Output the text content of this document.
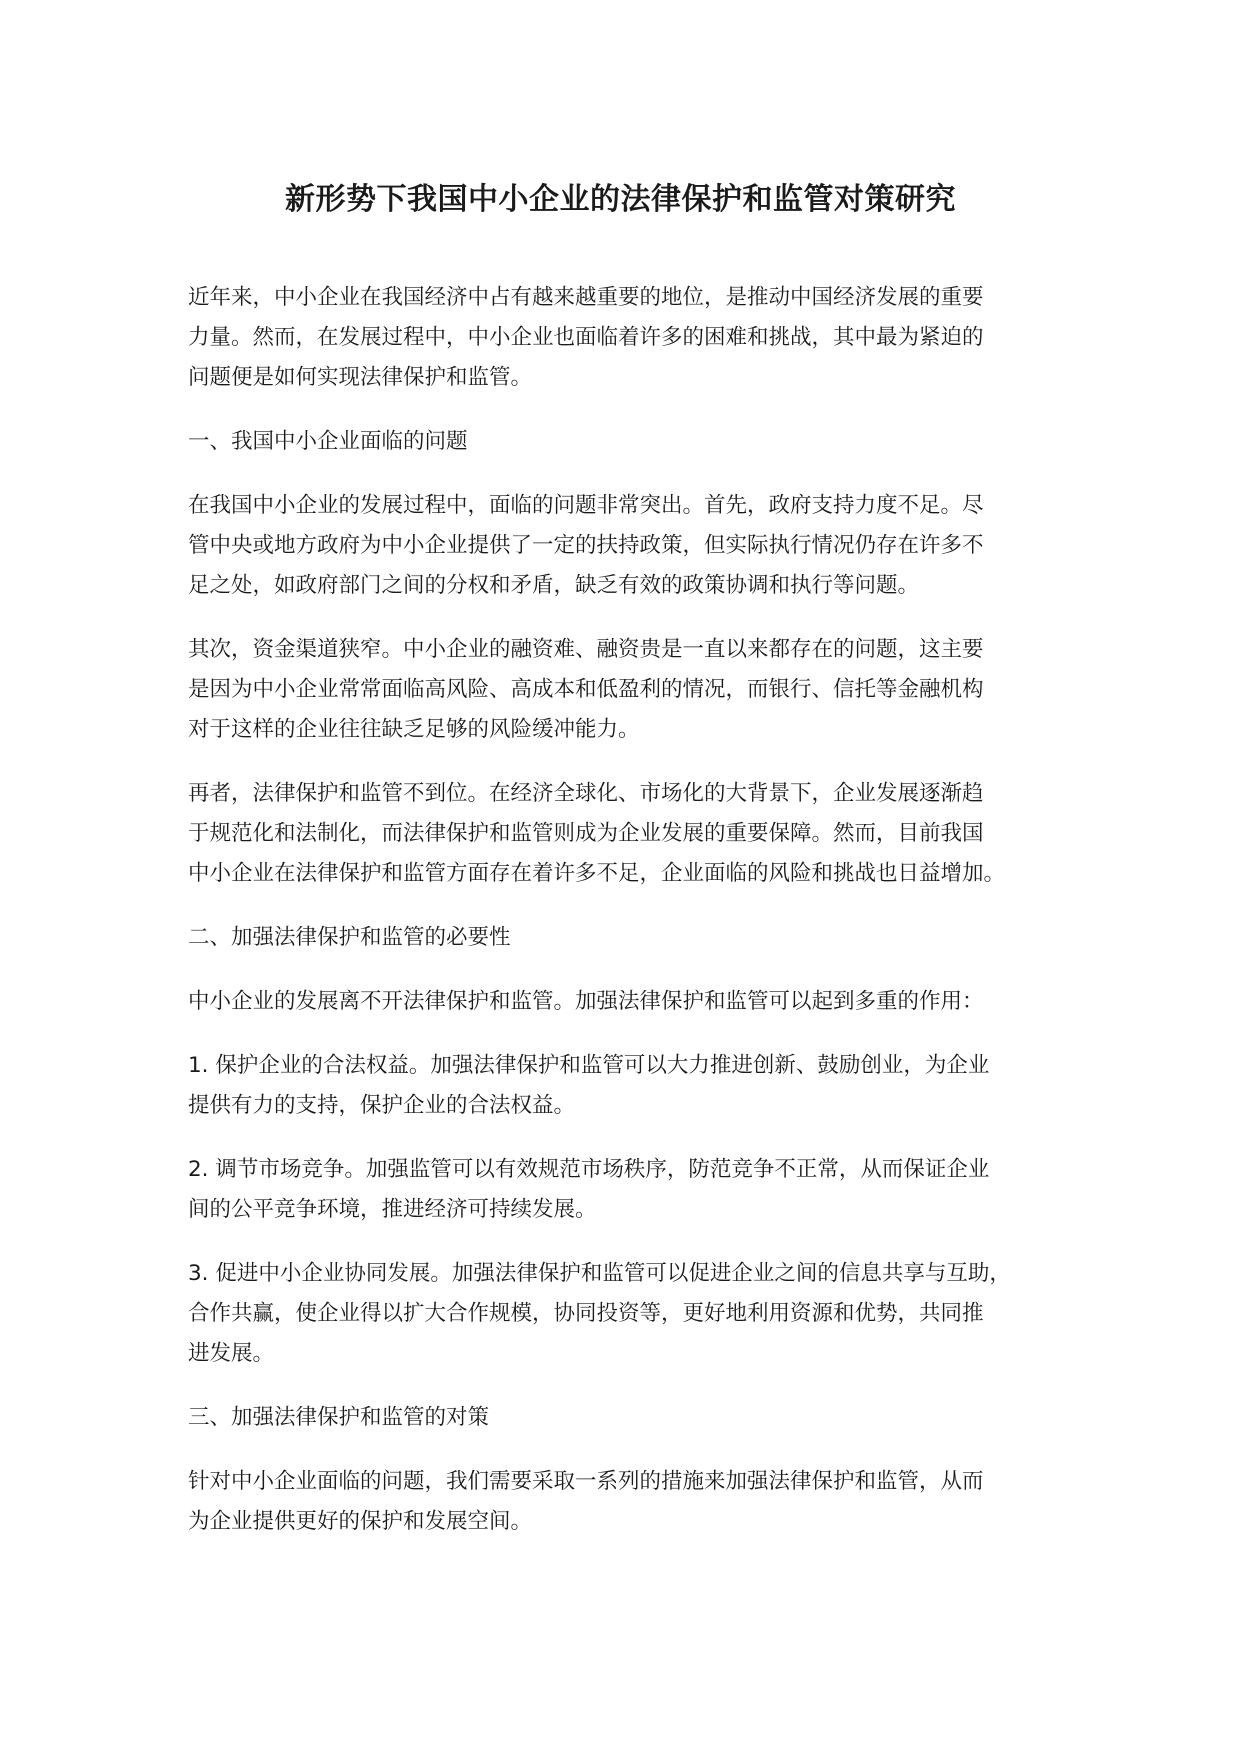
新形势下我国中小企业的法律保护和监管对策研究

近年来，中小企业在我国经济中占有越来越重要的地位，是推动中国经济发展的重要
力量。然而，在发展过程中，中小企业也面临着许多的困难和挑战，其中最为紧迫的
问题便是如何实现法律保护和监管。

一、我国中小企业面临的问题

在我国中小企业的发展过程中，面临的问题非常突出。首先，政府支持力度不足。尽
管中央或地方政府为中小企业提供了一定的扶持政策，但实际执行情况仍存在许多不
足之处，如政府部门之间的分权和矛盾，缺乏有效的政策协调和执行等问题。

其次，资金渠道狭窄。中小企业的融资难、融资贵是一直以来都存在的问题，这主要
是因为中小企业常常面临高风险、高成本和低盈利的情况，而银行、信托等金融机构
对于这样的企业往往缺乏足够的风险缓冲能力。

再者，法律保护和监管不到位。在经济全球化、市场化的大背景下，企业发展逐渐趋
于规范化和法制化，而法律保护和监管则成为企业发展的重要保障。然而，目前我国
中小企业在法律保护和监管方面存在着许多不足，企业面临的风险和挑战也日益增加。

二、加强法律保护和监管的必要性

中小企业的发展离不开法律保护和监管。加强法律保护和监管可以起到多重的作用：

1. 保护企业的合法权益。加强法律保护和监管可以大力推进创新、鼓励创业，为企业
提供有力的支持，保护企业的合法权益。

2. 调节市场竞争。加强监管可以有效规范市场秩序，防范竞争不正常，从而保证企业
间的公平竞争环境，推进经济可持续发展。

3. 促进中小企业协同发展。加强法律保护和监管可以促进企业之间的信息共享与互助，
合作共赢，使企业得以扩大合作规模，协同投资等，更好地利用资源和优势，共同推
进发展。

三、加强法律保护和监管的对策

针对中小企业面临的问题，我们需要采取一系列的措施来加强法律保护和监管，从而
为企业提供更好的保护和发展空间。
